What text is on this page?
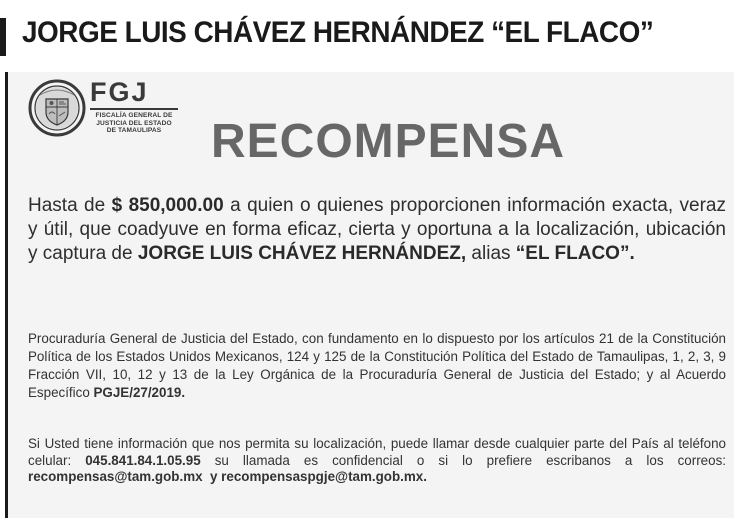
JORGE LUIS CHÁVEZ HERNÁNDEZ “EL FLACO”
FGJ
FISCALÍA GENERAL DE
JUSTICIA DEL ESTADO
DE TAMAULIPAS	RECOMPENSA

Hasta de $ 850,000.00 a quien o quienes proporcionen información exacta, veraz y útil, que coadyuve en forma eficaz, cierta y oportuna a la localización, ubicación y captura de JORGE LUIS CHÁVEZ HERNÁNDEZ, alias “EL FLACO”.

Procuraduría General de Justicia del Estado, con fundamento en lo dispuesto por los artículos 21 de la Constitución Política de los Estados Unidos Mexicanos, 124 y 125 de la Constitución Política del Estado de Tamaulipas, 1, 2, 3, 9 Fracción VII, 10, 12 y 13 de la Ley Orgánica de la Procuraduría General de Justicia del Estado; y al Acuerdo Específico PGJE/27/2019.

Si Usted tiene información que nos permita su localización, puede llamar desde cualquier parte del País al teléfono celular: 045.841.84.1.05.95 su llamada es confidencial o si lo prefiere escribanos a los correos: recompensas@tam.gob.mx  y recompensaspgje@tam.gob.mx.
